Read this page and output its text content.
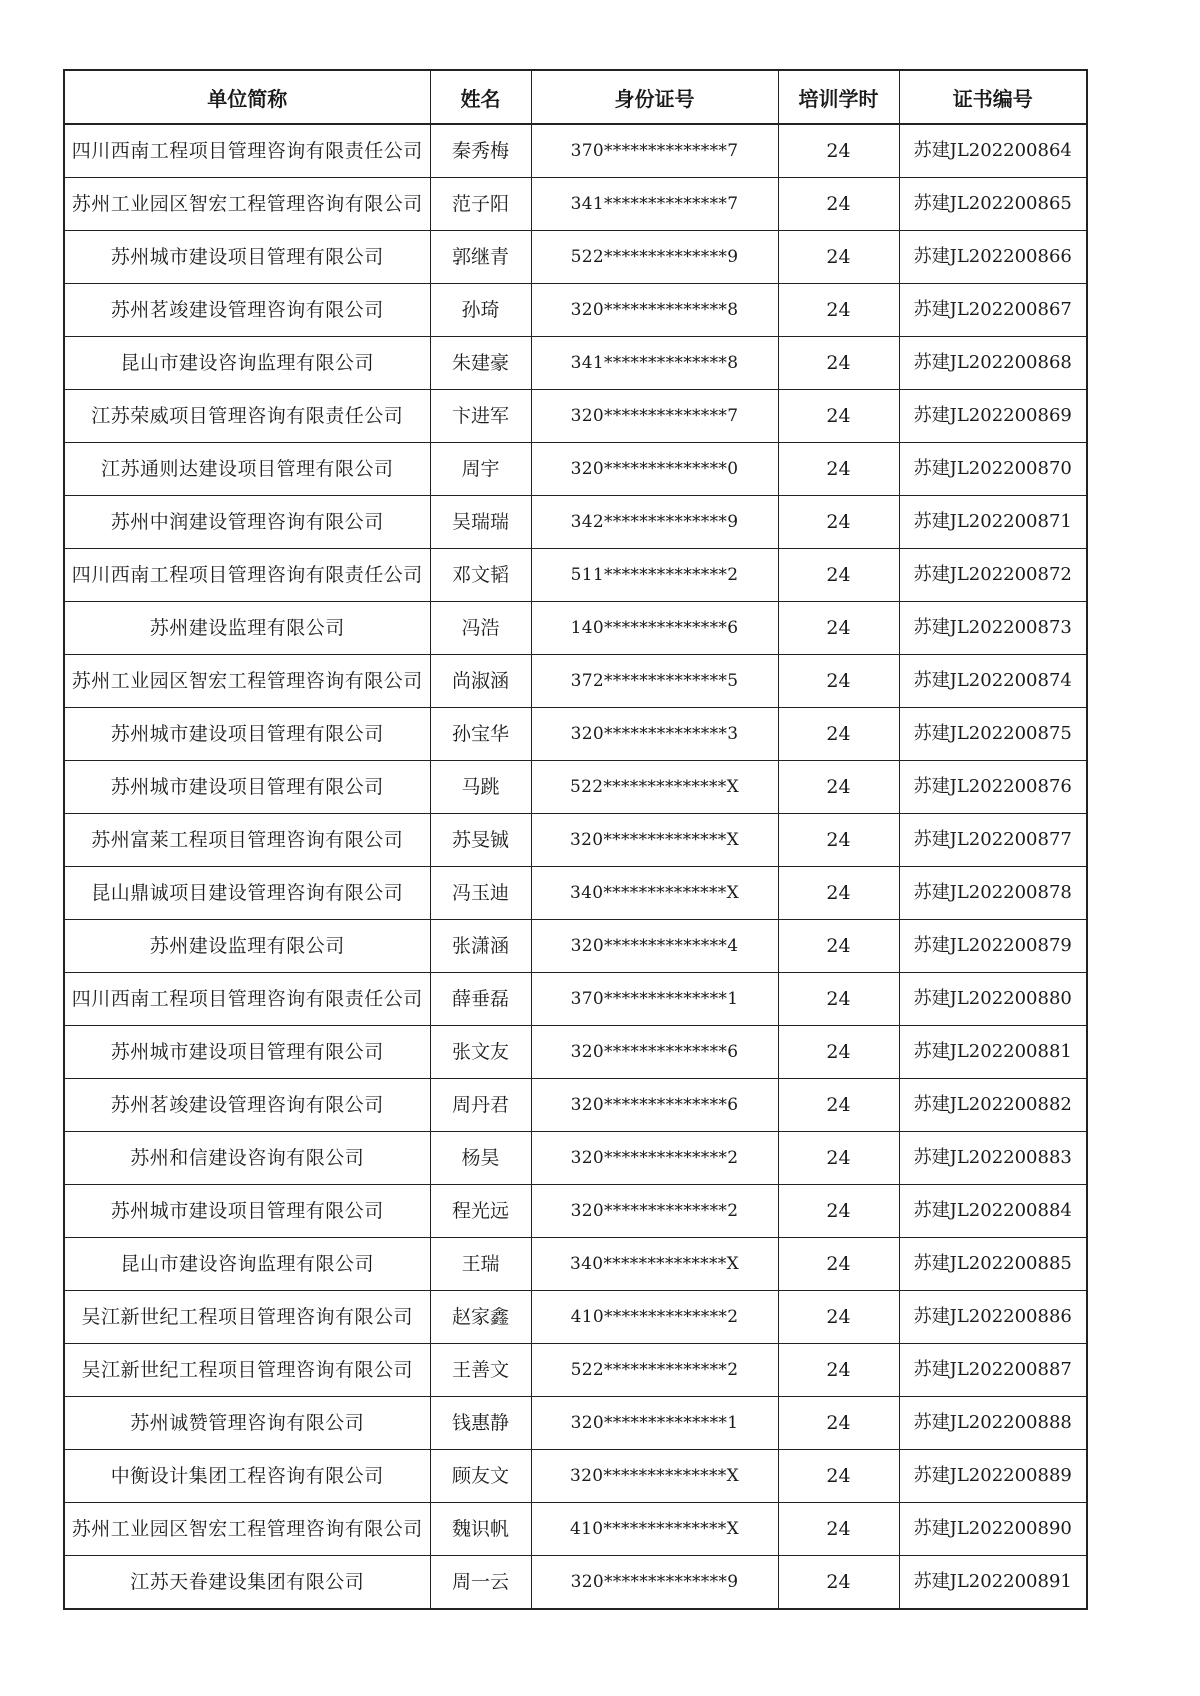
单位简称	姓名	身份证号	培训学时	证书编号
四川西南工程项目管理咨询有限责任公司	秦秀梅	370**************7	24	苏建JL202200864
苏州工业园区智宏工程管理咨询有限公司	范子阳	341**************7	24	苏建JL202200865
苏州城市建设项目管理有限公司	郭继青	522**************9	24	苏建JL202200866
苏州茗竣建设管理咨询有限公司	孙琦	320**************8	24	苏建JL202200867
昆山市建设咨询监理有限公司	朱建豪	341**************8	24	苏建JL202200868
江苏荣威项目管理咨询有限责任公司	卞进军	320**************7	24	苏建JL202200869
江苏通则达建设项目管理有限公司	周宇	320**************0	24	苏建JL202200870
苏州中润建设管理咨询有限公司	吴瑞瑞	342**************9	24	苏建JL202200871
四川西南工程项目管理咨询有限责任公司	邓文韬	511**************2	24	苏建JL202200872
苏州建设监理有限公司	冯浩	140**************6	24	苏建JL202200873
苏州工业园区智宏工程管理咨询有限公司	尚淑涵	372**************5	24	苏建JL202200874
苏州城市建设项目管理有限公司	孙宝华	320**************3	24	苏建JL202200875
苏州城市建设项目管理有限公司	马跳	522**************X	24	苏建JL202200876
苏州富莱工程项目管理咨询有限公司	苏旻铖	320**************X	24	苏建JL202200877
昆山鼎诚项目建设管理咨询有限公司	冯玉迪	340**************X	24	苏建JL202200878
苏州建设监理有限公司	张潇涵	320**************4	24	苏建JL202200879
四川西南工程项目管理咨询有限责任公司	薛垂磊	370**************1	24	苏建JL202200880
苏州城市建设项目管理有限公司	张文友	320**************6	24	苏建JL202200881
苏州茗竣建设管理咨询有限公司	周丹君	320**************6	24	苏建JL202200882
苏州和信建设咨询有限公司	杨昊	320**************2	24	苏建JL202200883
苏州城市建设项目管理有限公司	程光远	320**************2	24	苏建JL202200884
昆山市建设咨询监理有限公司	王瑞	340**************X	24	苏建JL202200885
吴江新世纪工程项目管理咨询有限公司	赵家鑫	410**************2	24	苏建JL202200886
吴江新世纪工程项目管理咨询有限公司	王善文	522**************2	24	苏建JL202200887
苏州诚赞管理咨询有限公司	钱惠静	320**************1	24	苏建JL202200888
中衡设计集团工程咨询有限公司	顾友文	320**************X	24	苏建JL202200889
苏州工业园区智宏工程管理咨询有限公司	魏识帆	410**************X	24	苏建JL202200890
江苏天眷建设集团有限公司	周一云	320**************9	24	苏建JL202200891
